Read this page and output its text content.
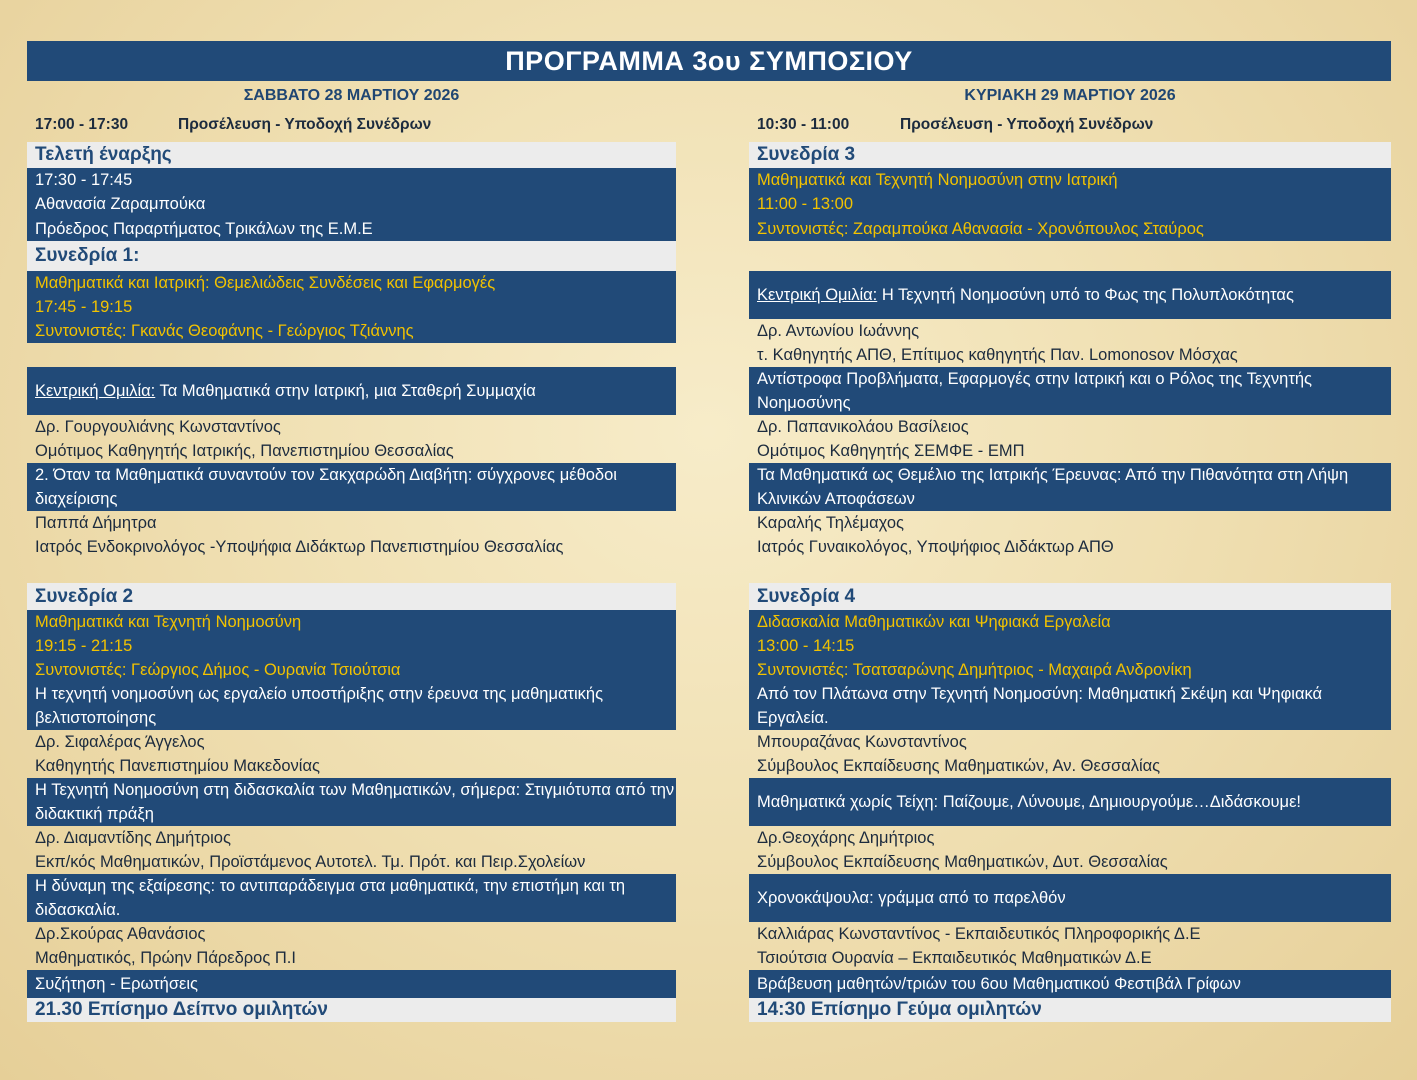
ΠΡΟΓΡΑΜΜΑ 3ου ΣΥΜΠΟΣΙΟΥ
ΣΑΒΒΑΤΟ 28 ΜΑΡΤΙΟΥ 2026
17:00 - 17:30	Προσέλευση - Υποδοχή Συνέδρων
Τελετή έναρξης
17:30 - 17:45
Αθανασία Ζαραμπούκα
Πρόεδρος Παραρτήματος Τρικάλων της Ε.Μ.Ε
Συνεδρία 1:
Μαθηματικά και Ιατρική: Θεμελιώδεις Συνδέσεις και Εφαρμογές
17:45 - 19:15
Συντονιστές: Γκανάς Θεοφάνης - Γεώργιος Τζιάννης
Κεντρική Ομιλία: Τα Μαθηματικά στην Ιατρική, μια Σταθερή Συμμαχία
Δρ. Γουργουλιάνης Κωνσταντίνος
Ομότιμος Καθηγητής Ιατρικής, Πανεπιστημίου Θεσσαλίας
2. Όταν τα Μαθηματικά συναντούν τον Σακχαρώδη Διαβήτη: σύγχρονες μέθοδοι διαχείρισης
Παππά Δήμητρα
Ιατρός Ενδοκρινολόγος -Υποψήφια Διδάκτωρ Πανεπιστημίου Θεσσαλίας
Συνεδρία 2
Μαθηματικά και Τεχνητή Νοημοσύνη
19:15 - 21:15
Συντονιστές: Γεώργιος Δήμος - Ουρανία Τσιούτσια
Η τεχνητή νοημοσύνη ως εργαλείο υποστήριξης στην έρευνα της μαθηματικής βελτιστοποίησης
Δρ. Σιφαλέρας Άγγελος
Καθηγητής Πανεπιστημίου Μακεδονίας
Η Τεχνητή Νοημοσύνη στη διδασκαλία των Μαθηματικών, σήμερα: Στιγμιότυπα από την διδακτική πράξη
Δρ. Διαμαντίδης Δημήτριος
Εκπ/κός Μαθηματικών, Προϊστάμενος Αυτοτελ. Τμ. Πρότ. και Πειρ.Σχολείων
Η δύναμη της εξαίρεσης: το αντιπαράδειγμα στα μαθηματικά, την επιστήμη και τη διδασκαλία.
Δρ.Σκούρας Αθανάσιος
Μαθηματικός, Πρώην Πάρεδρος Π.Ι
Συζήτηση - Ερωτήσεις
21.30 Επίσημο Δείπνο ομιλητών
ΚΥΡΙΑΚΗ 29 ΜΑΡΤΙΟΥ 2026
10:30 - 11:00	Προσέλευση - Υποδοχή Συνέδρων
Συνεδρία 3
Μαθηματικά και Τεχνητή Νοημοσύνη στην Ιατρική
11:00 - 13:00
Συντονιστές: Ζαραμπούκα Αθανασία - Χρονόπουλος Σταύρος
Κεντρική Ομιλία: Η Τεχνητή Νοημοσύνη υπό το Φως της Πολυπλοκότητας
Δρ. Αντωνίου Ιωάννης
τ. Καθηγητής ΑΠΘ, Επίτιμος καθηγητής Παν. Lomonosov Μόσχας
Αντίστροφα Προβλήματα, Εφαρμογές στην Ιατρική και ο Ρόλος της Τεχνητής Νοημοσύνης
Δρ. Παπανικολάου Βασίλειος
Ομότιμος Καθηγητής ΣΕΜΦΕ - ΕΜΠ
Τα Μαθηματικά ως Θεμέλιο της Ιατρικής Έρευνας: Από την Πιθανότητα στη Λήψη Κλινικών Αποφάσεων
Καραλής Τηλέμαχος
Ιατρός Γυναικολόγος, Υποψήφιος Διδάκτωρ ΑΠΘ
Συνεδρία 4
Διδασκαλία Μαθηματικών και Ψηφιακά Εργαλεία
13:00 - 14:15
Συντονιστές: Τσατσαρώνης Δημήτριος - Μαχαιρά Ανδρονίκη
Από τον Πλάτωνα στην Τεχνητή Νοημοσύνη: Μαθηματική Σκέψη και Ψηφιακά Εργαλεία.
Μπουραζάνας Κωνσταντίνος
Σύμβουλος Εκπαίδευσης Μαθηματικών, Αν. Θεσσαλίας
Μαθηματικά χωρίς Τείχη: Παίζουμε, Λύνουμε, Δημιουργούμε…Διδάσκουμε!
Δρ.Θεοχάρης Δημήτριος
Σύμβουλος Εκπαίδευσης Μαθηματικών, Δυτ. Θεσσαλίας
Χρονοκάψουλα: γράμμα από το παρελθόν
Καλλιάρας Κωνσταντίνος - Εκπαιδευτικός Πληροφορικής Δ.Ε
Τσιούτσια Ουρανία – Εκπαιδευτικός Μαθηματικών Δ.Ε
Βράβευση μαθητών/τριών του 6ου Μαθηματικού Φεστιβάλ Γρίφων
14:30 Επίσημο Γεύμα ομιλητών
